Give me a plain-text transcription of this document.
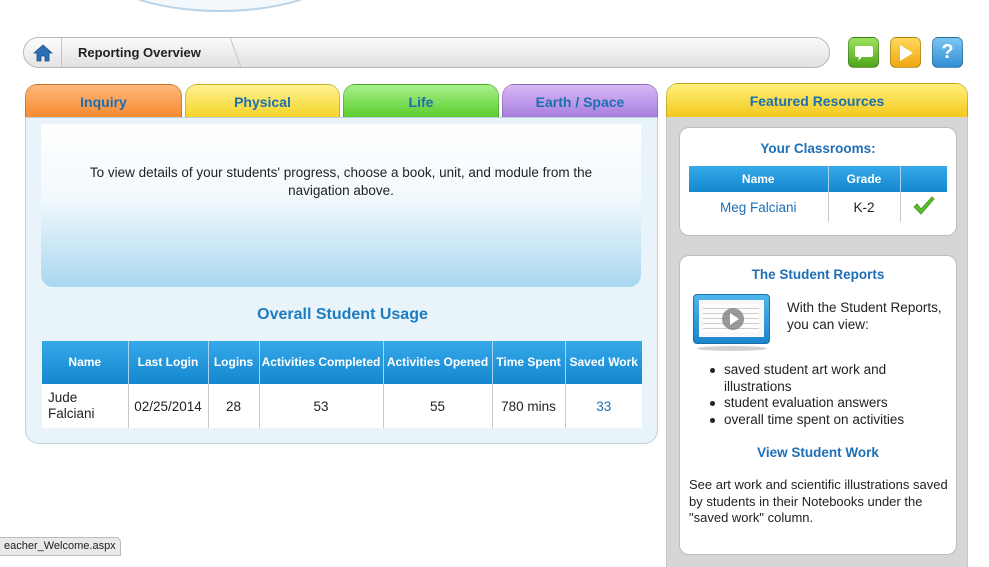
Reporting Overview	?
Inquiry	Physical	Life	Earth / Space
To view details of your students' progress, choose a book, unit, and module from the navigation above.
Overall Student Usage
Name	Last Login	Logins	Activities Completed	Activities Opened	Time Spent	Saved Work
Jude Falciani	02/25/2014	28	53	55	780 mins	33
Featured Resources
Your Classrooms:
Name	Grade	
Meg Falciani	K-2	
The Student Reports
With the Student Reports, you can view:
saved student art work and illustrations
student evaluation answers
overall time spent on activities
View Student Work
See art work and scientific illustrations saved by students in their Notebooks under the "saved work" column.
eacher_Welcome.aspx
